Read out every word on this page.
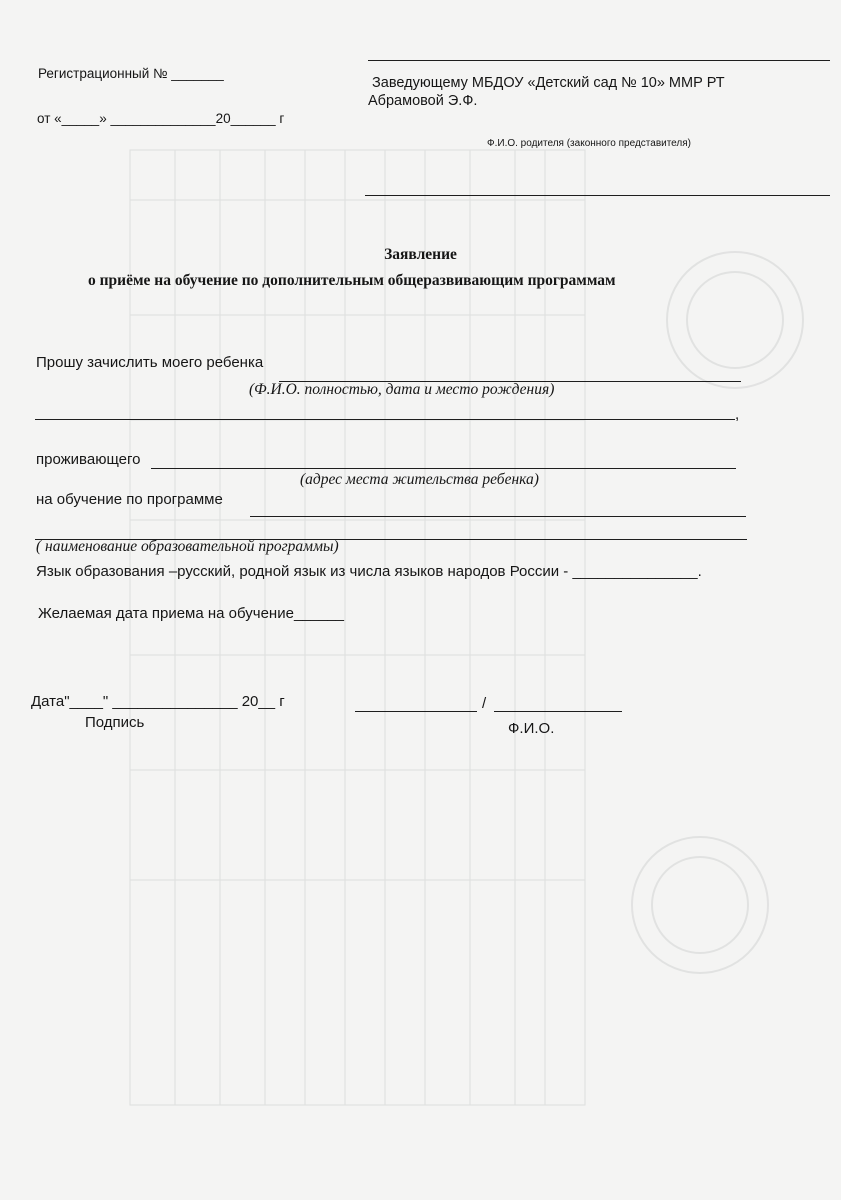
Регистрационный № _______
Заведующему МБДОУ «Детский сад № 10» ММР РТ
Абрамовой Э.Ф.
от «_____» ______________20______ г
Ф.И.О. родителя (законного представителя)
Заявление
о приёме на обучение по дополнительным общеразвивающим программам
Прошу зачислить моего ребенка
(Ф.И.О. полностью, дата и место рождения)
,
проживающего
(адрес места жительства ребенка)
на обучение по программе
( наименование образовательной программы)
Язык образования –русский, родной язык из числа языков народов России - _______________.
Желаемая дата приема на обучение______
Дата"____" _______________ 20__ г	/
Подпись	Ф.И.О.
